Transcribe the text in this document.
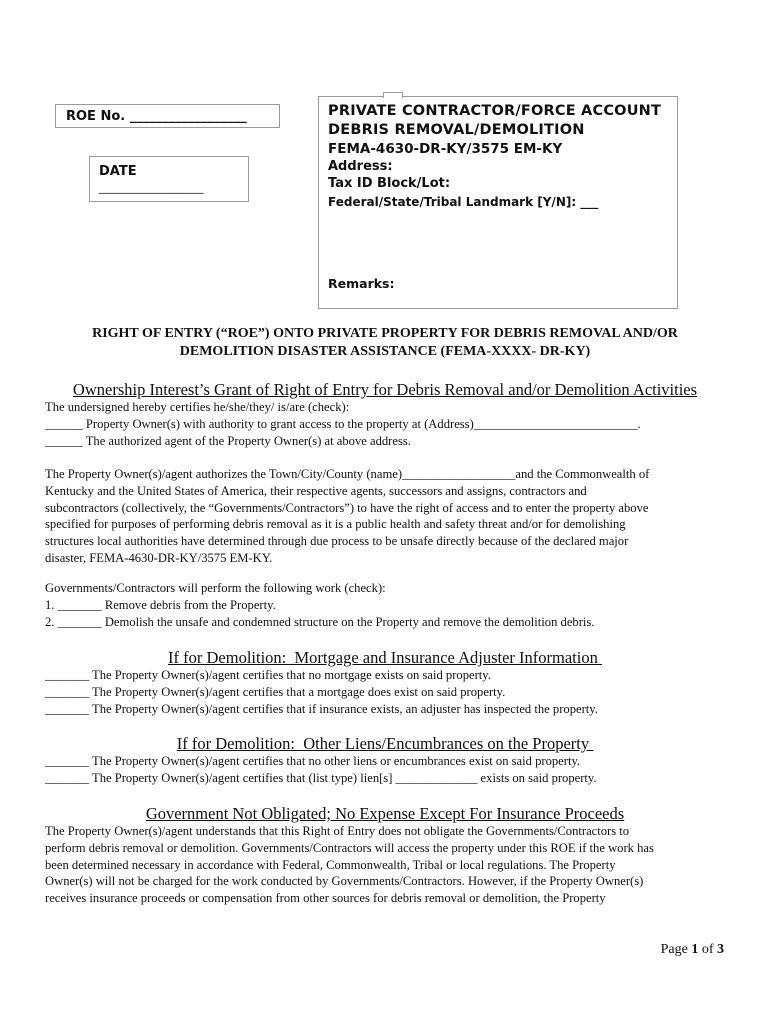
ROE No. __________________
DATE
___________________
PRIVATE CONTRACTOR/FORCE ACCOUNT
DEBRIS REMOVAL/DEMOLITION
FEMA-4630-DR-KY/3575 EM-KY
Address:
Tax ID Block/Lot:
Federal/State/Tribal Landmark [Y/N]: ___
Remarks:
RIGHT OF ENTRY (“ROE”) ONTO PRIVATE PROPERTY FOR DEBRIS REMOVAL AND/OR
DEMOLITION DISASTER ASSISTANCE (FEMA-XXXX- DR-KY)
Ownership Interest’s Grant of Right of Entry for Debris Removal and/or Demolition Activities
The undersigned hereby certifies he/she/they/ is/are (check):
______ Property Owner(s) with authority to grant access to the property at (Address)__________________________.
______ The authorized agent of the Property Owner(s) at above address.
The Property Owner(s)/agent authorizes the Town/City/County (name)__________________and the Commonwealth of
Kentucky and the United States of America, their respective agents, successors and assigns, contractors and
subcontractors (collectively, the “Governments/Contractors”) to have the right of access and to enter the property above
specified for purposes of performing debris removal as it is a public health and safety threat and/or for demolishing
structures local authorities have determined through due process to be unsafe directly because of the declared major
disaster, FEMA-4630-DR-KY/3575 EM-KY.
Governments/Contractors will perform the following work (check):
1. _______ Remove debris from the Property.
2. _______ Demolish the unsafe and condemned structure on the Property and remove the demolition debris.
If for Demolition:  Mortgage and Insurance Adjuster Information
_______ The Property Owner(s)/agent certifies that no mortgage exists on said property.
_______ The Property Owner(s)/agent certifies that a mortgage does exist on said property.
_______ The Property Owner(s)/agent certifies that if insurance exists, an adjuster has inspected the property.
If for Demolition:  Other Liens/Encumbrances on the Property
_______ The Property Owner(s)/agent certifies that no other liens or encumbrances exist on said property.
_______ The Property Owner(s)/agent certifies that (list type) lien[s] _____________ exists on said property.
Government Not Obligated; No Expense Except For Insurance Proceeds
The Property Owner(s)/agent understands that this Right of Entry does not obligate the Governments/Contractors to
perform debris removal or demolition. Governments/Contractors will access the property under this ROE if the work has
been determined necessary in accordance with Federal, Commonwealth, Tribal or local regulations. The Property
Owner(s) will not be charged for the work conducted by Governments/Contractors. However, if the Property Owner(s)
receives insurance proceeds or compensation from other sources for debris removal or demolition, the Property
Page 1 of 3
